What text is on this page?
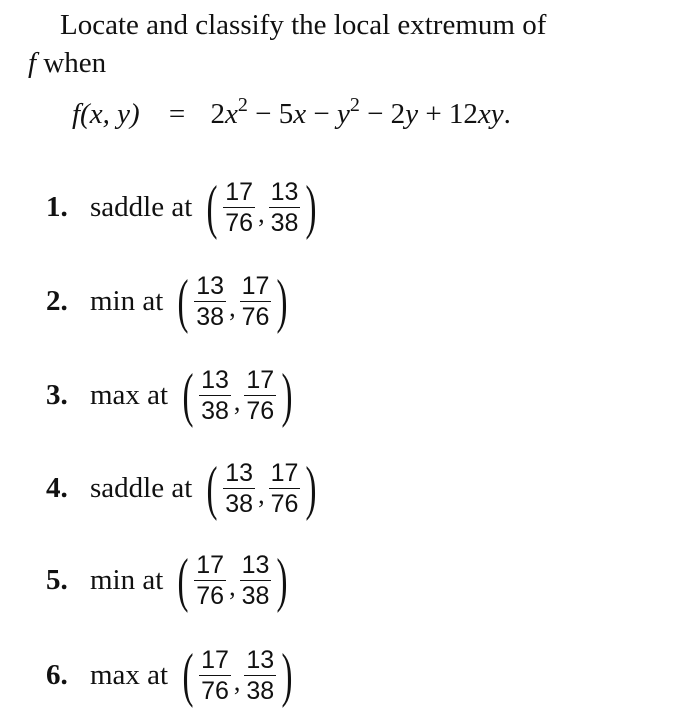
Locate and classify the local extremum of
f when
f(x, $y) = 2x^2 - 5x - y^2 - 2y + 12xy$.
1. saddle at ( $\frac{17}{76}$ , $\frac{13}{38}$ )
2. min at ( $\frac{13}{38}$ , $\frac{17}{76}$ )
3. max at ( $\frac{13}{38}$ , $\frac{17}{76}$ )
4. saddle at ( $\frac{13}{38}$ , $\frac{17}{76}$ )
5. min at ( $\frac{17}{76}$ , $\frac{13}{38}$ )
6. max at ( $\frac{17}{76}$ , $\frac{13}{38}$ )
